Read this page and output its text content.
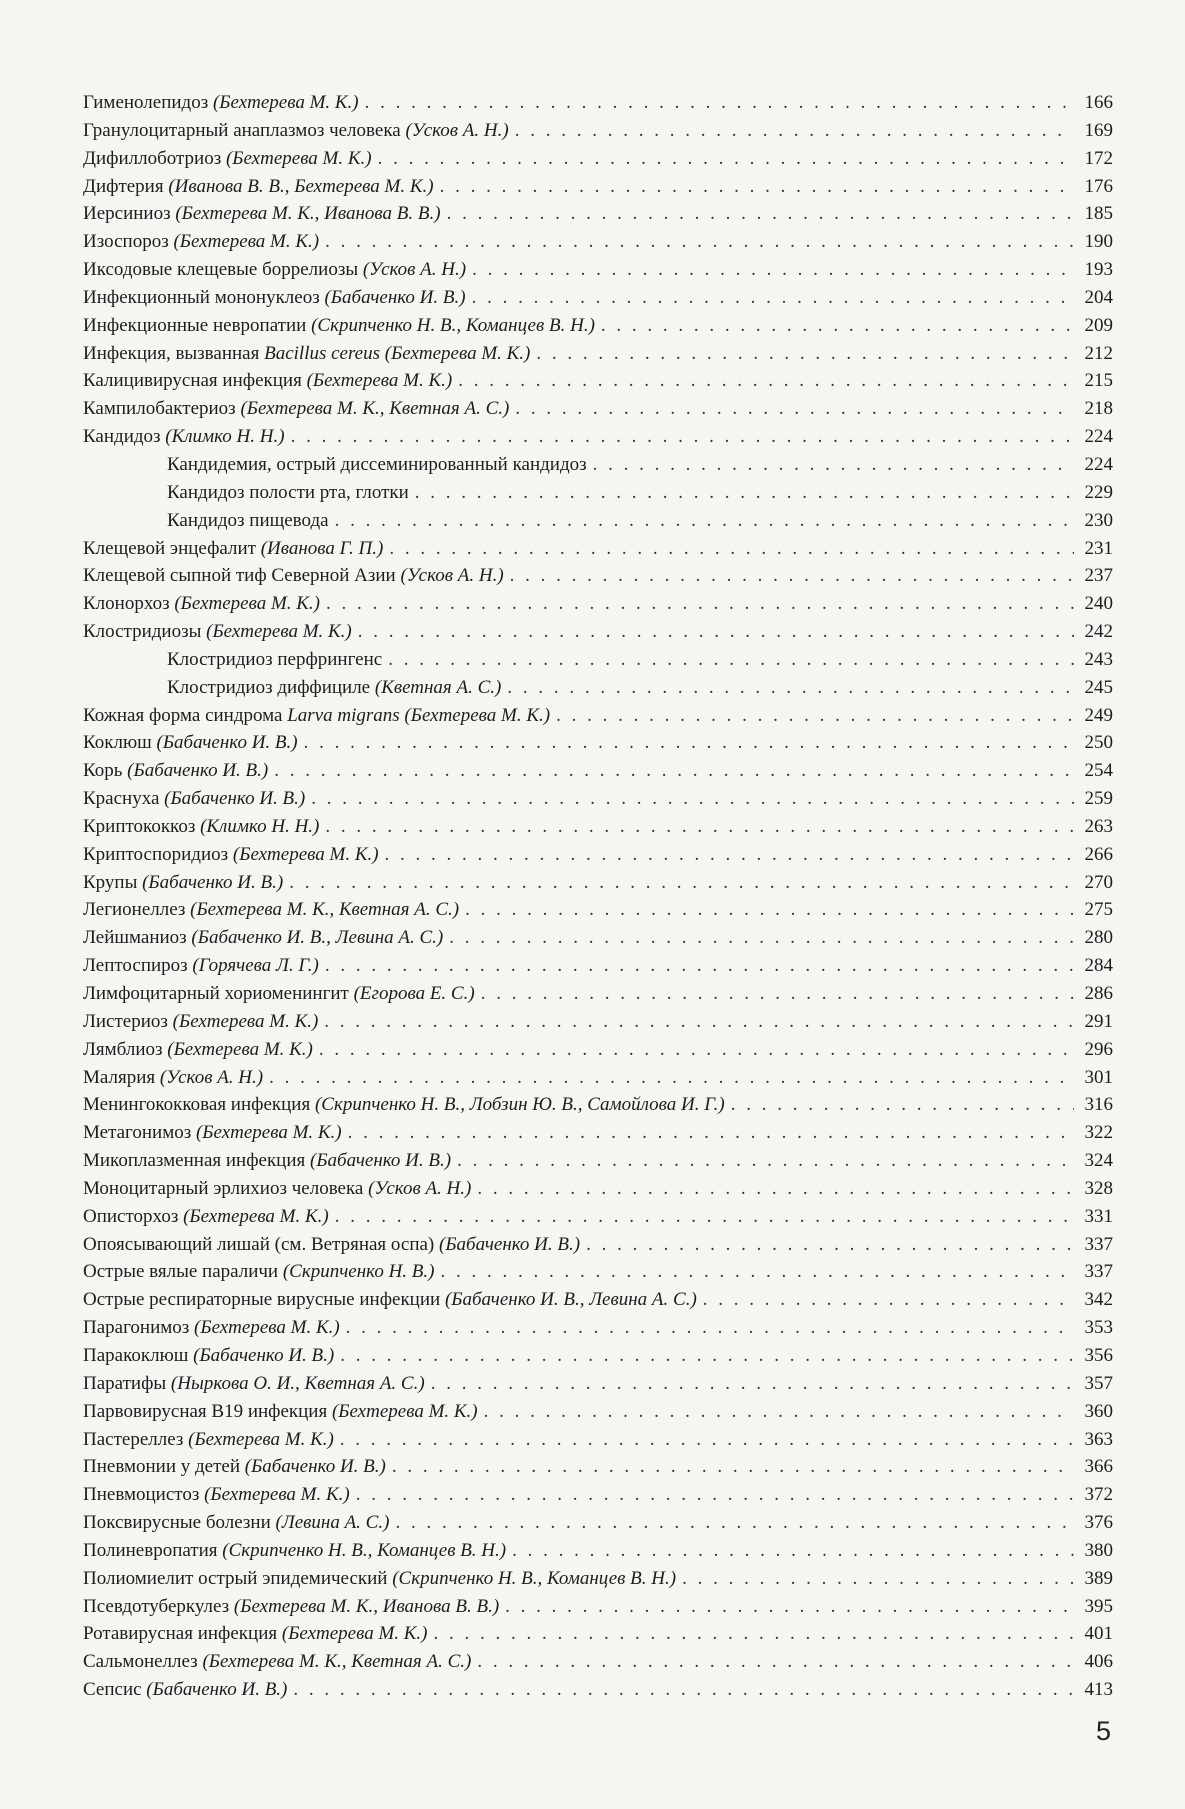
Гименолепидоз (Бехтерева М. К.) . . .	166
Гранулоцитарный анаплазмоз человека (Усков А. Н.) . . .	169
Дифиллоботриоз (Бехтерева М. К.) . . .	172
Дифтерия (Иванова В. В., Бехтерева М. К.) . . .	176
Иерсиниоз (Бехтерева М. К., Иванова В. В.) . . .	185
Изоспороз (Бехтерева М. К.) . . .	190
Иксодовые клещевые боррелиозы (Усков А. Н.) . . .	193
Инфекционный мононуклеоз (Бабаченко И. В.) . . .	204
Инфекционные невропатии (Скрипченко Н. В., Команцев В. Н.) . . .	209
Инфекция, вызванная Bacillus cereus (Бехтерева М. К.) . . .	212
Калицивирусная инфекция (Бехтерева М. К.) . . .	215
Кампилобактериоз (Бехтерева М. К., Кветная А. С.) . . .	218
Кандидоз (Климко Н. Н.) . . .	224
Кандидемия, острый диссеминированный кандидоз . . .	224
Кандидоз полости рта, глотки . . .	229
Кандидоз пищевода . . .	230
Клещевой энцефалит (Иванова Г. П.) . . .	231
Клещевой сыпной тиф Северной Азии (Усков А. Н.) . . .	237
Клонорхоз (Бехтерева М. К.) . . .	240
Клостридиозы (Бехтерева М. К.) . . .	242
Клостридиоз перфрингенс . . .	243
Клостридиоз диффициле (Кветная А. С.) . . .	245
Кожная форма синдрома Larva migrans (Бехтерева М. К.) . . .	249
Коклюш (Бабаченко И. В.) . . .	250
Корь (Бабаченко И. В.) . . .	254
Краснуха (Бабаченко И. В.) . . .	259
Криптококкоз (Климко Н. Н.) . . .	263
Криптоспоридиоз (Бехтерева М. К.) . . .	266
Крупы (Бабаченко И. В.) . . .	270
Легионеллез (Бехтерева М. К., Кветная А. С.) . . .	275
Лейшманиоз (Бабаченко И. В., Левина А. С.) . . .	280
Лептоспироз (Горячева Л. Г.) . . .	284
Лимфоцитарный хориоменингит (Егорова Е. С.) . . .	286
Листериоз (Бехтерева М. К.) . . .	291
Лямблиоз (Бехтерева М. К.) . . .	296
Малярия (Усков А. Н.) . . .	301
Менингококковая инфекция (Скрипченко Н. В., Лобзин Ю. В., Самойлова И. Г.) . . .	316
Метагонимоз (Бехтерева М. К.) . . .	322
Микоплазменная инфекция (Бабаченко И. В.) . . .	324
Моноцитарный эрлихиоз человека (Усков А. Н.) . . .	328
Описторхоз (Бехтерева М. К.) . . .	331
Опоясывающий лишай (см. Ветряная оспа) (Бабаченко И. В.) . . .	337
Острые вялые параличи (Скрипченко Н. В.) . . .	337
Острые респираторные вирусные инфекции (Бабаченко И. В., Левина А. С.) . . .	342
Парагонимоз (Бехтерева М. К.) . . .	353
Паракоклюш (Бабаченко И. В.) . . .	356
Паратифы (Ныркова О. И., Кветная А. С.) . . .	357
Парвовирусная В19 инфекция (Бехтерева М. К.) . . .	360
Пастереллез (Бехтерева М. К.) . . .	363
Пневмонии у детей (Бабаченко И. В.) . . .	366
Пневмоцистоз (Бехтерева М. К.) . . .	372
Поксвирусные болезни (Левина А. С.) . . .	376
Полиневропатия (Скрипченко Н. В., Команцев В. Н.) . . .	380
Полиомиелит острый эпидемический (Скрипченко Н. В., Команцев В. Н.) . . .	389
Псевдотуберкулез (Бехтерева М. К., Иванова В. В.) . . .	395
Ротавирусная инфекция (Бехтерева М. К.) . . .	401
Сальмонеллез (Бехтерева М. К., Кветная А. С.) . . .	406
Сепсис (Бабаченко И. В.) . . .	413
5
